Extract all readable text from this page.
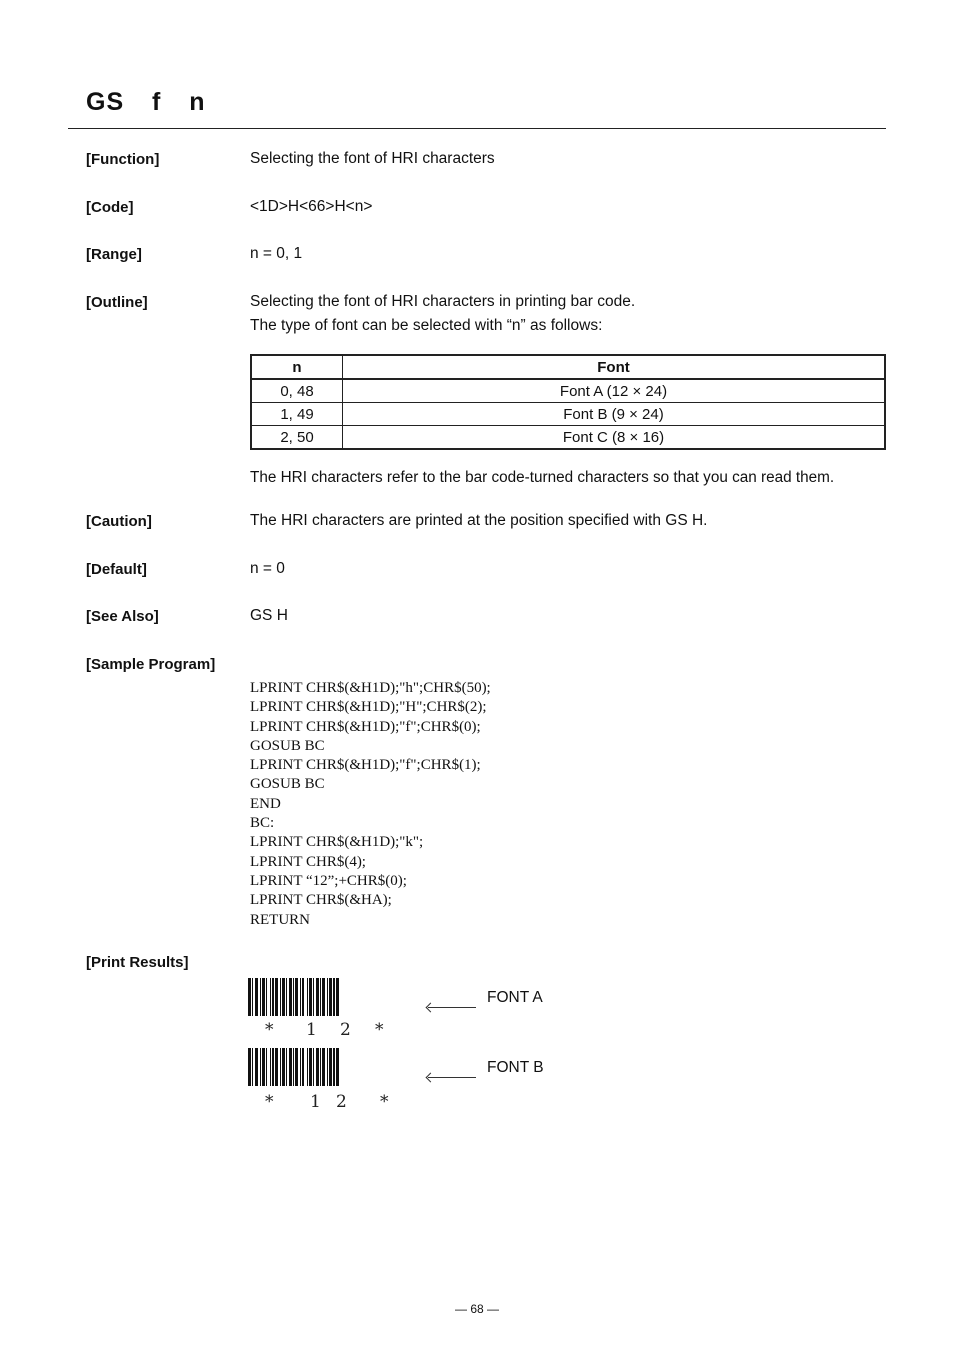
GS  f  n
[Function]	Selecting the font of HRI characters
[Code]	<1D>H<66>H<n>
[Range]	n = 0, 1
[Outline]	Selecting the font of HRI characters in printing bar code.

The type of font can be selected with “n” as follows:

n	Font
0, 48	Font A (12 × 24)
1, 49	Font B (9 × 24)
2, 50	Font C (8 × 16)
The HRI characters refer to the bar code-turned characters so that you can read them.
[Caution]	The HRI characters are printed at the position specified with GS H.
[Default]	n = 0
[See Also]	GS H
[Sample Program]
LPRINT CHR$(&H1D);"h";CHR$(50);
LPRINT CHR$(&H1D);"H";CHR$(2);
LPRINT CHR$(&H1D);"f";CHR$(0);
GOSUB BC
LPRINT CHR$(&H1D);"f";CHR$(1);
GOSUB BC
END
BC:
LPRINT CHR$(&H1D);"k";
LPRINT CHR$(4);
LPRINT “12”;+CHR$(0);
LPRINT CHR$(&HA);
RETURN
[Print Results]
* 1 2 *
FONT A
* 1 2 *
FONT B
— 68 —
